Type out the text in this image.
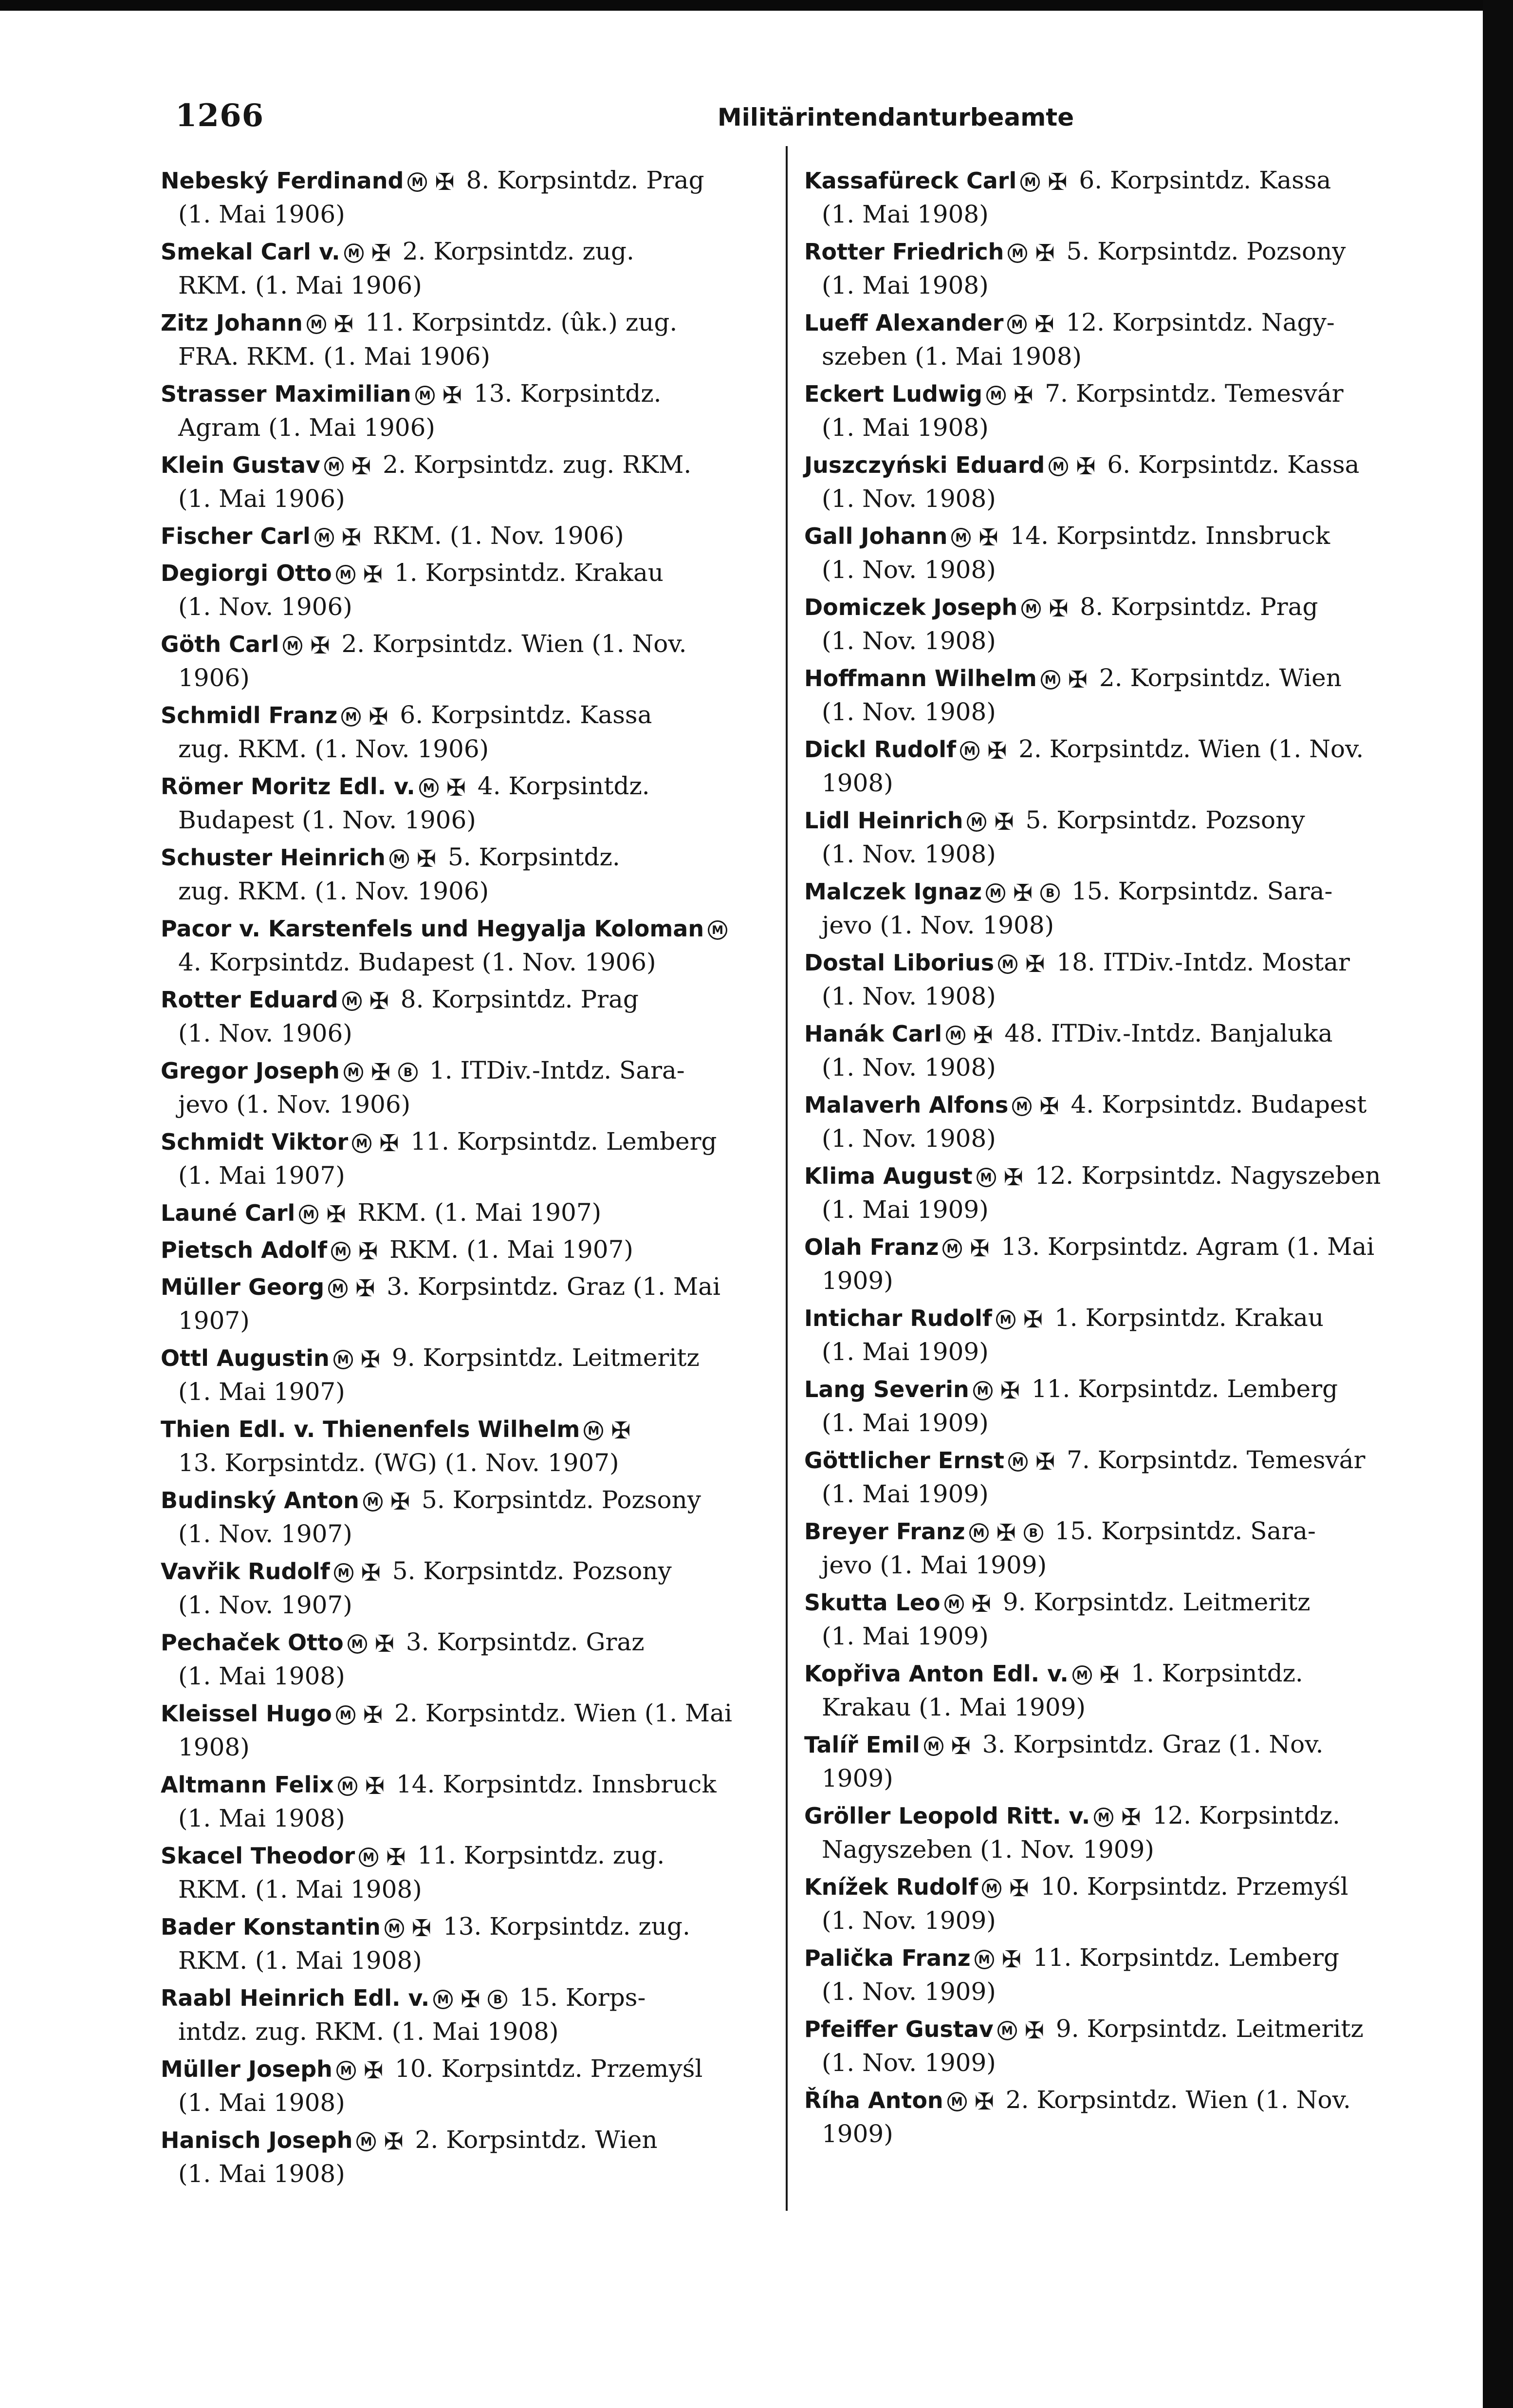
1266	Militärintendanturbeamte
Nebeský Ferdinand M ✠ 8. Korpsintdz. Prag
(1. Mai 1906)
Smekal Carl v. M ✠ 2. Korpsintdz. zug.
RKM. (1. Mai 1906)
Zitz Johann M ✠ 11. Korpsintdz. (ûk.) zug.
FRA. RKM. (1. Mai 1906)
Strasser Maximilian M ✠ 13. Korpsintdz.
Agram (1. Mai 1906)
Klein Gustav M ✠ 2. Korpsintdz. zug. RKM.
(1. Mai 1906)
Fischer Carl M ✠ RKM. (1. Nov. 1906)
Degiorgi Otto M ✠ 1. Korpsintdz. Krakau
(1. Nov. 1906)
Göth Carl M ✠ 2. Korpsintdz. Wien (1. Nov.
1906)
Schmidl Franz M ✠ 6. Korpsintdz. Kassa
zug. RKM. (1. Nov. 1906)
Römer Moritz Edl. v. M ✠ 4. Korpsintdz.
Budapest (1. Nov. 1906)
Schuster Heinrich M ✠ 5. Korpsintdz.
zug. RKM. (1. Nov. 1906)
Pacor v. Karstenfels und Hegyalja Koloman M
4. Korpsintdz. Budapest (1. Nov. 1906)
Rotter Eduard M ✠ 8. Korpsintdz. Prag
(1. Nov. 1906)
Gregor Joseph M ✠ B 1. ITDiv.-Intdz. Sara-
jevo (1. Nov. 1906)
Schmidt Viktor M ✠ 11. Korpsintdz. Lemberg
(1. Mai 1907)
Launé Carl M ✠ RKM. (1. Mai 1907)
Pietsch Adolf M ✠ RKM. (1. Mai 1907)
Müller Georg M ✠ 3. Korpsintdz. Graz (1. Mai
1907)
Ottl Augustin M ✠ 9. Korpsintdz. Leitmeritz
(1. Mai 1907)
Thien Edl. v. Thienenfels Wilhelm M ✠
13. Korpsintdz. (WG) (1. Nov. 1907)
Budinský Anton M ✠ 5. Korpsintdz. Pozsony
(1. Nov. 1907)
Vavřik Rudolf M ✠ 5. Korpsintdz. Pozsony
(1. Nov. 1907)
Pechaček Otto M ✠ 3. Korpsintdz. Graz
(1. Mai 1908)
Kleissel Hugo M ✠ 2. Korpsintdz. Wien (1. Mai
1908)
Altmann Felix M ✠ 14. Korpsintdz. Innsbruck
(1. Mai 1908)
Skacel Theodor M ✠ 11. Korpsintdz. zug.
RKM. (1. Mai 1908)
Bader Konstantin M ✠ 13. Korpsintdz. zug.
RKM. (1. Mai 1908)
Raabl Heinrich Edl. v. M ✠ B 15. Korps-
intdz. zug. RKM. (1. Mai 1908)
Müller Joseph M ✠ 10. Korpsintdz. Przemyśl
(1. Mai 1908)
Hanisch Joseph M ✠ 2. Korpsintdz. Wien
(1. Mai 1908)
Kassafüreck Carl M ✠ 6. Korpsintdz. Kassa
(1. Mai 1908)
Rotter Friedrich M ✠ 5. Korpsintdz. Pozsony
(1. Mai 1908)
Lueff Alexander M ✠ 12. Korpsintdz. Nagy-
szeben (1. Mai 1908)
Eckert Ludwig M ✠ 7. Korpsintdz. Temesvár
(1. Mai 1908)
Juszczyński Eduard M ✠ 6. Korpsintdz. Kassa
(1. Nov. 1908)
Gall Johann M ✠ 14. Korpsintdz. Innsbruck
(1. Nov. 1908)
Domiczek Joseph M ✠ 8. Korpsintdz. Prag
(1. Nov. 1908)
Hoffmann Wilhelm M ✠ 2. Korpsintdz. Wien
(1. Nov. 1908)
Dickl Rudolf M ✠ 2. Korpsintdz. Wien (1. Nov.
1908)
Lidl Heinrich M ✠ 5. Korpsintdz. Pozsony
(1. Nov. 1908)
Malczek Ignaz M ✠ B 15. Korpsintdz. Sara-
jevo (1. Nov. 1908)
Dostal Liborius M ✠ 18. ITDiv.-Intdz. Mostar
(1. Nov. 1908)
Hanák Carl M ✠ 48. ITDiv.-Intdz. Banjaluka
(1. Nov. 1908)
Malaverh Alfons M ✠ 4. Korpsintdz. Budapest
(1. Nov. 1908)
Klima August M ✠ 12. Korpsintdz. Nagyszeben
(1. Mai 1909)
Olah Franz M ✠ 13. Korpsintdz. Agram (1. Mai
1909)
Intichar Rudolf M ✠ 1. Korpsintdz. Krakau
(1. Mai 1909)
Lang Severin M ✠ 11. Korpsintdz. Lemberg
(1. Mai 1909)
Göttlicher Ernst M ✠ 7. Korpsintdz. Temesvár
(1. Mai 1909)
Breyer Franz M ✠ B 15. Korpsintdz. Sara-
jevo (1. Mai 1909)
Skutta Leo M ✠ 9. Korpsintdz. Leitmeritz
(1. Mai 1909)
Kopřiva Anton Edl. v. M ✠ 1. Korpsintdz.
Krakau (1. Mai 1909)
Talíř Emil M ✠ 3. Korpsintdz. Graz (1. Nov.
1909)
Gröller Leopold Ritt. v. M ✠ 12. Korpsintdz.
Nagyszeben (1. Nov. 1909)
Knížek Rudolf M ✠ 10. Korpsintdz. Przemyśl
(1. Nov. 1909)
Palička Franz M ✠ 11. Korpsintdz. Lemberg
(1. Nov. 1909)
Pfeiffer Gustav M ✠ 9. Korpsintdz. Leitmeritz
(1. Nov. 1909)
Říha Anton M ✠ 2. Korpsintdz. Wien (1. Nov.
1909)
